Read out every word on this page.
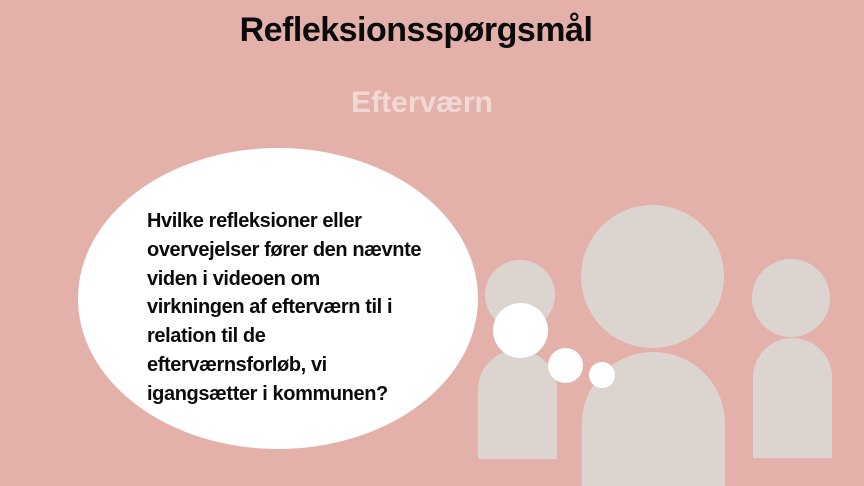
Refleksionsspørgsmål
Efterværn
Hvilke refleksioner eller
overvejelser fører den nævnte
viden i videoen om
virkningen af efterværn til i
relation til de
efterværnsforløb, vi
igangsætter i kommunen?
